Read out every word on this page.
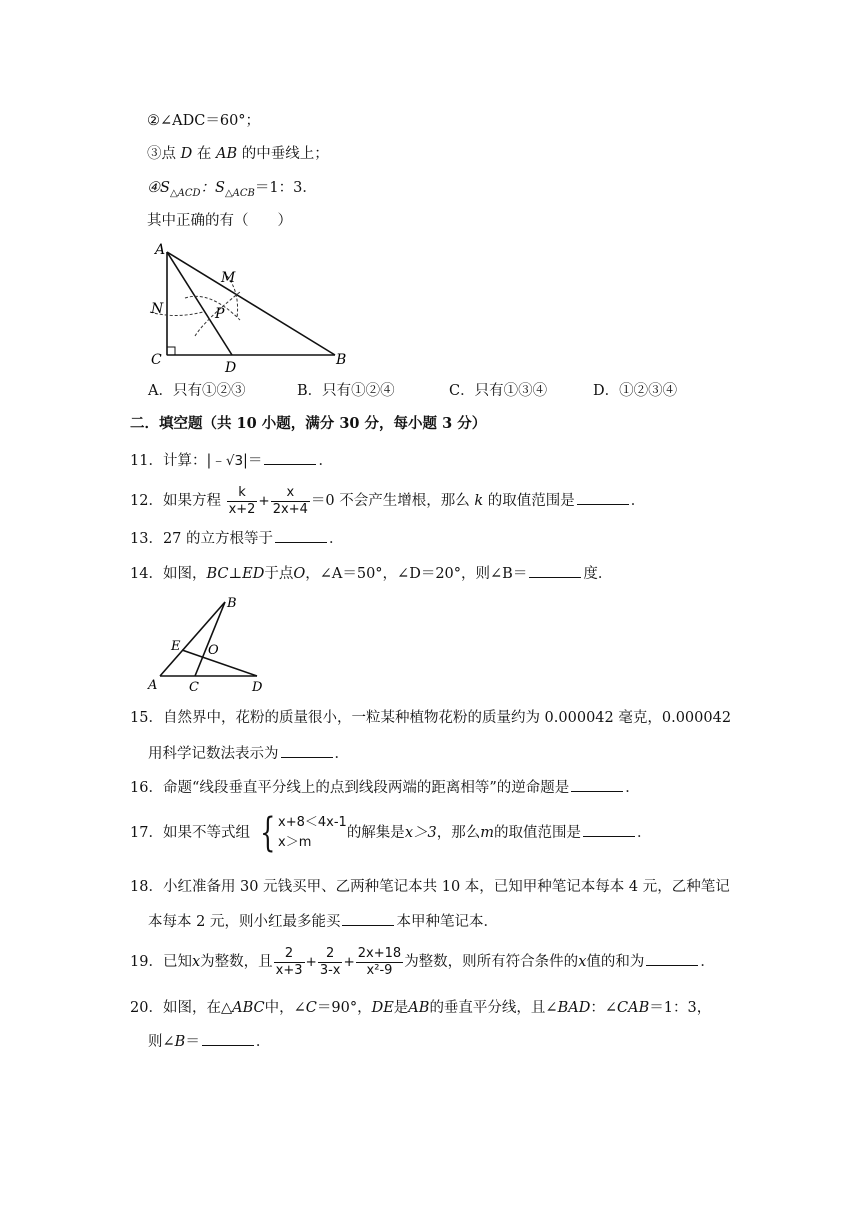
②∠ADC＝60°；
③点 D 在 AB 的中垂线上；
$④S_{\triangle ACD}$：$S_{\triangle ACB}=1$：3．
其中正确的有（　　）
A
M
N	P
C	D	B
A．只有①②③	B．只有①②④	C．只有①③④	D．①②③④
二．填空题（共 10 小题，满分 30 分，每小题 3 分）
11．计算：|﹣√3|＝	．
12．如果方程 $\frac{k}{x+2} + \frac{x}{2x+4} =0$ 不会产生增根，那么 k 的取值范围是	．
13．27 的立方根等于	．
14．如图，BC⊥ED于点O，∠A＝50°，∠D＝20°，则∠B＝	度．
B
E O
A C	D
15．自然界中，花粉的质量很小，一粒某种植物花粉的质量约为 0.000042 毫克，0.000042
用科学记数法表示为	．
16．命题“线段垂直平分线上的点到线段两端的距离相等”的逆命题是	．
17．如果不等式组 { x+8＜4x-1
x＞m
的解集是x＞3，那么m的取值范围是	．
18．小红准备用 30 元钱买甲、乙两种笔记本共 10 本，已知甲种笔记本每本 4 元，乙种笔记
本每本 2 元，则小红最多能买	本甲种笔记本．
19．已知x为整数，且 $\frac{2}{x+3} + \frac{2}{3-x} + \frac{2x+18}{\text{x²-9}}$ 为整数，则所有符合条件的x值的和为	．
20．如图，在△ABC中，∠C＝90°，DE是AB的垂直平分线，且∠BAD：∠CAB＝1：3，
则∠B＝	．
